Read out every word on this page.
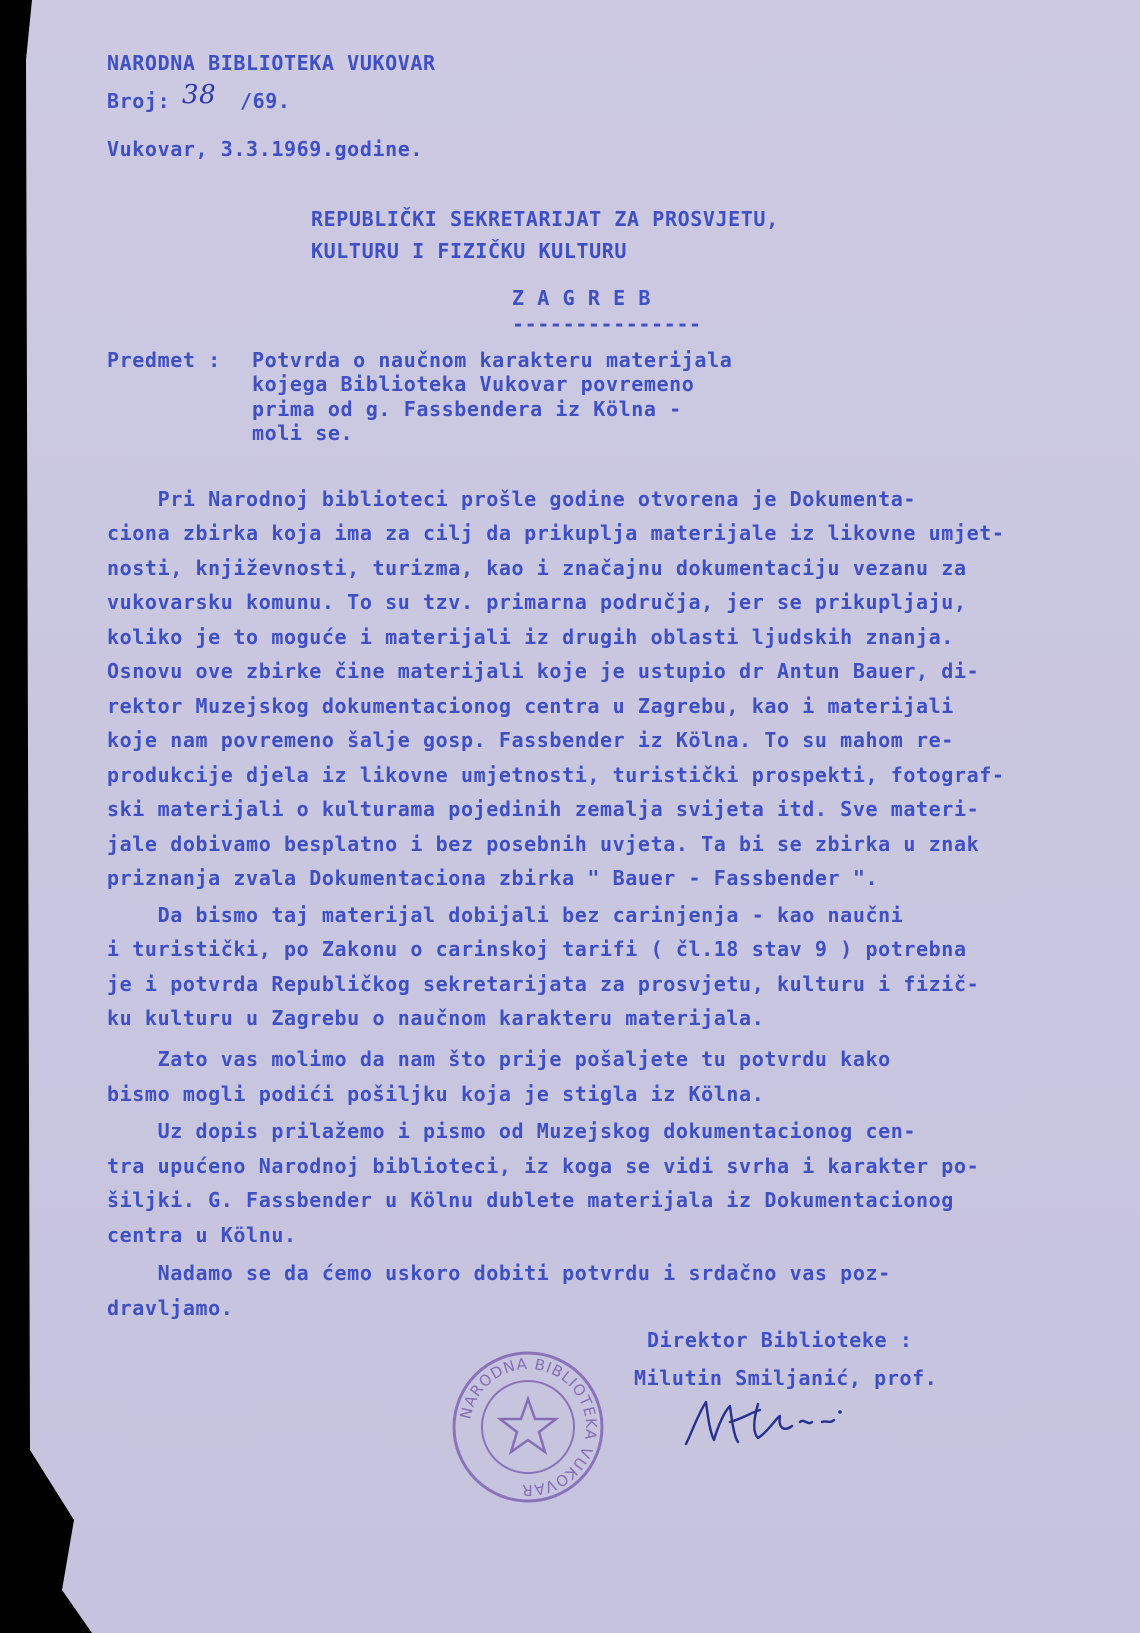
NARODNA BIBLIOTEKA VUKOVAR
Broj: 38 /69.
Vukovar, 3.3.1969.godine.
REPUBLIČKI SEKRETARIJAT ZA PROSVJETU,
KULTURU I FIZIČKU KULTURU
Z A G R E B
---------------
Predmet : Potvrda o naučnom karakteru materijala
kojega Biblioteka Vukovar povremeno
prima od g. Fassbendera iz Kölna -
moli se.
Pri Narodnoj biblioteci prošle godine otvorena je Dokumenta-
ciona zbirka koja ima za cilj da prikuplja materijale iz likovne umjet-
nosti, književnosti, turizma, kao i značajnu dokumentaciju vezanu za
vukovarsku komunu. To su tzv. primarna područja, jer se prikupljaju,
koliko je to moguće i materijali iz drugih oblasti ljudskih znanja.
Osnovu ove zbirke čine materijali koje je ustupio dr Antun Bauer, di-
rektor Muzejskog dokumentacionog centra u Zagrebu, kao i materijali
koje nam povremeno šalje gosp. Fassbender iz Kölna. To su mahom re-
produkcije djela iz likovne umjetnosti, turistički prospekti, fotograf-
ski materijali o kulturama pojedinih zemalja svijeta itd. Sve materi-
jale dobivamo besplatno i bez posebnih uvjeta. Ta bi se zbirka u znak
priznanja zvala Dokumentaciona zbirka " Bauer - Fassbender ".
Da bismo taj materijal dobijali bez carinjenja - kao naučni
i turistički, po Zakonu o carinskoj tarifi ( čl.18 stav 9 ) potrebna
je i potvrda Republičkog sekretarijata za prosvjetu, kulturu i fizič-
ku kulturu u Zagrebu o naučnom karakteru materijala.
Zato vas molimo da nam što prije pošaljete tu potvrdu kako
bismo mogli podići pošiljku koja je stigla iz Kölna.
Uz dopis prilažemo i pismo od Muzejskog dokumentacionog cen-
tra upućeno Narodnoj biblioteci, iz koga se vidi svrha i karakter po-
šiljki. G. Fassbender u Kölnu dublete materijala iz Dokumentacionog
centra u Kölnu.
Nadamo se da ćemo uskoro dobiti potvrdu i srdačno vas poz-
dravljamo.
Direktor Biblioteke :
Milutin Smiljanić, prof.
NARODNA BIBLIOTEKA VUKOVAR
